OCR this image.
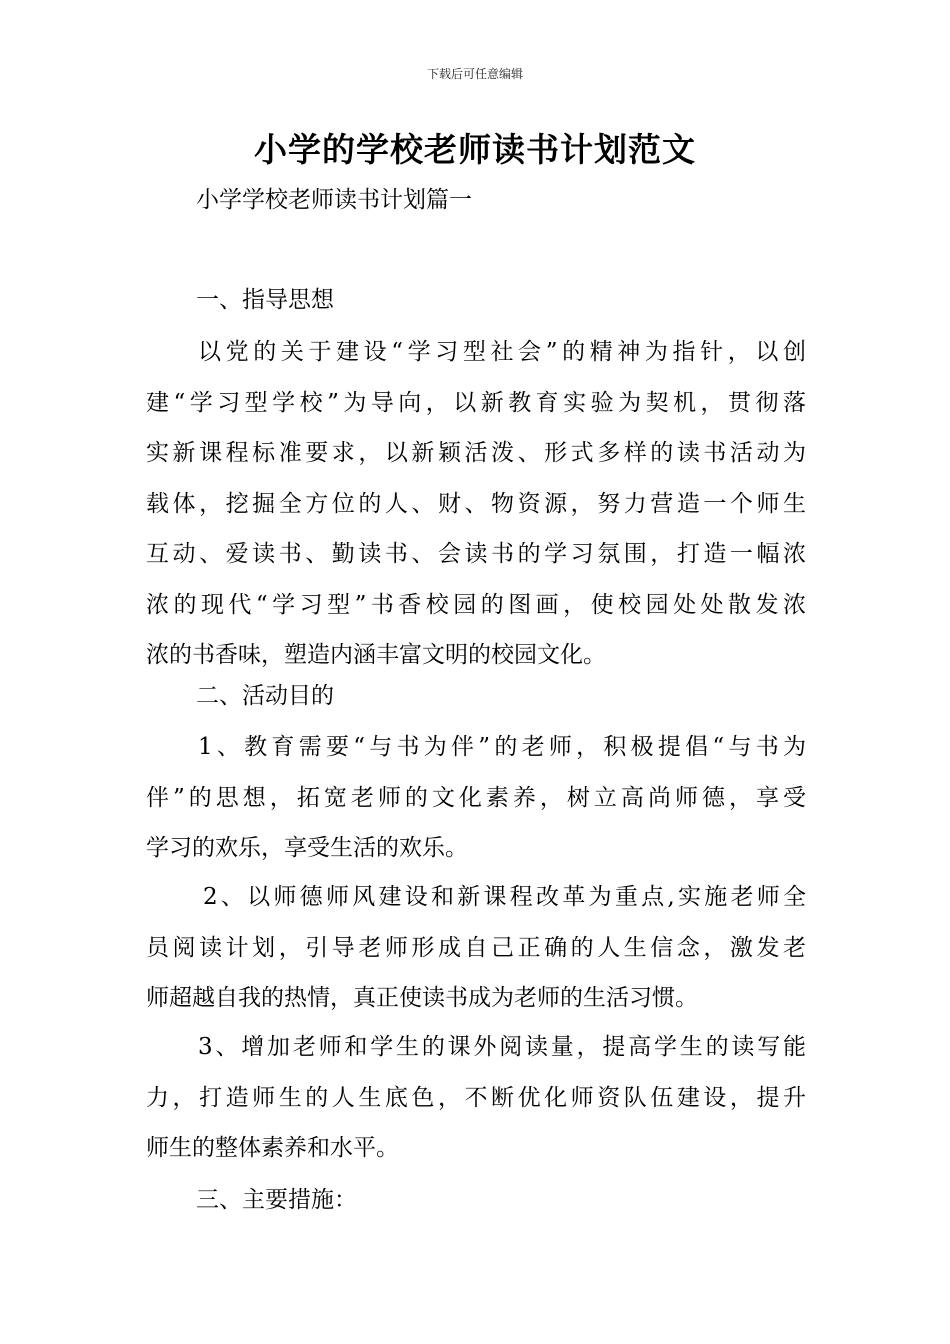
下载后可任意编辑
小学的学校老师读书计划范文
小学学校老师读书计划篇一
一、指导思想
以党的关于建设“学习型社会”的精神为指针，以创
建“学习型学校”为导向，以新教育实验为契机，贯彻落
实新课程标准要求，以新颖活泼、形式多样的读书活动为
载体，挖掘全方位的人、财、物资源，努力营造一个师生
互动、爱读书、勤读书、会读书的学习氛围，打造一幅浓
浓的现代“学习型”书香校园的图画，使校园处处散发浓
浓的书香味，塑造内涵丰富文明的校园文化。
二、活动目的
1、教育需要“与书为伴”的老师，积极提倡“与书为
伴”的思想，拓宽老师的文化素养，树立高尚师德，享受
学习的欢乐，享受生活的欢乐。
2、以师德师风建设和新课程改革为重点,实施老师全
员阅读计划，引导老师形成自己正确的人生信念，激发老
师超越自我的热情，真正使读书成为老师的生活习惯。
3、增加老师和学生的课外阅读量，提高学生的读写能
力，打造师生的人生底色，不断优化师资队伍建设，提升
师生的整体素养和水平。
三、主要措施：
